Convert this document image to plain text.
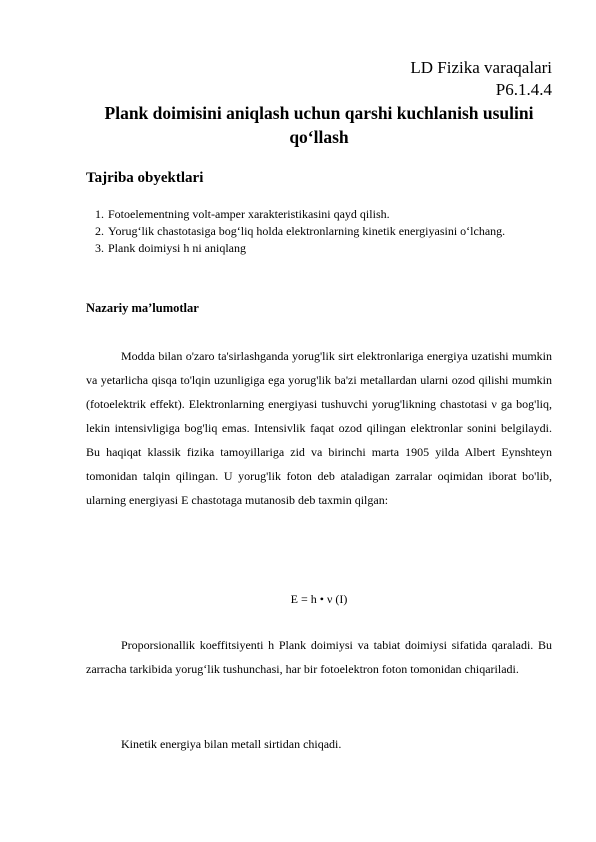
LD Fizika varaqalari
P6.1.4.4
Plank doimisini aniqlash uchun qarshi kuchlanish usulini qo‘llash
Tajriba obyektlari
1. Fotoelementning volt-amper xarakteristikasini qayd qilish.
2. Yorug‘lik chastotasiga bog‘liq holda elektronlarning kinetik energiyasini o‘lchang.
3. Plank doimiysi h ni aniqlang
Nazariy ma’lumotlar

Modda bilan o'zaro ta'sirlashganda yorug'lik sirt elektronlariga energiya uzatishi mumkin va yetarlicha qisqa to'lqin uzunligiga ega yorug'lik ba'zi metallardan ularni ozod qilishi mumkin (fotoelektrik effekt). Elektronlarning energiyasi tushuvchi yorug'likning chastotasi ν ga bog'liq, lekin intensivligiga bog'liq emas. Intensivlik faqat ozod qilingan elektronlar sonini belgilaydi. Bu haqiqat klassik fizika tamoyillariga zid va birinchi marta 1905 yilda Albert Eynshteyn tomonidan talqin qilingan. U yorug'lik foton deb ataladigan zarralar oqimidan iborat bo'lib, ularning energiyasi E chastotaga mutanosib deb taxmin qilgan:

E = h • ν (I)

Proporsionallik koeffitsiyenti h Plank doimiysi va tabiat doimiysi sifatida qaraladi. Bu zarracha tarkibida yorug‘lik tushunchasi, har bir fotoelektron foton tomonidan chiqariladi.

Kinetik energiya bilan metall sirtidan chiqadi.
